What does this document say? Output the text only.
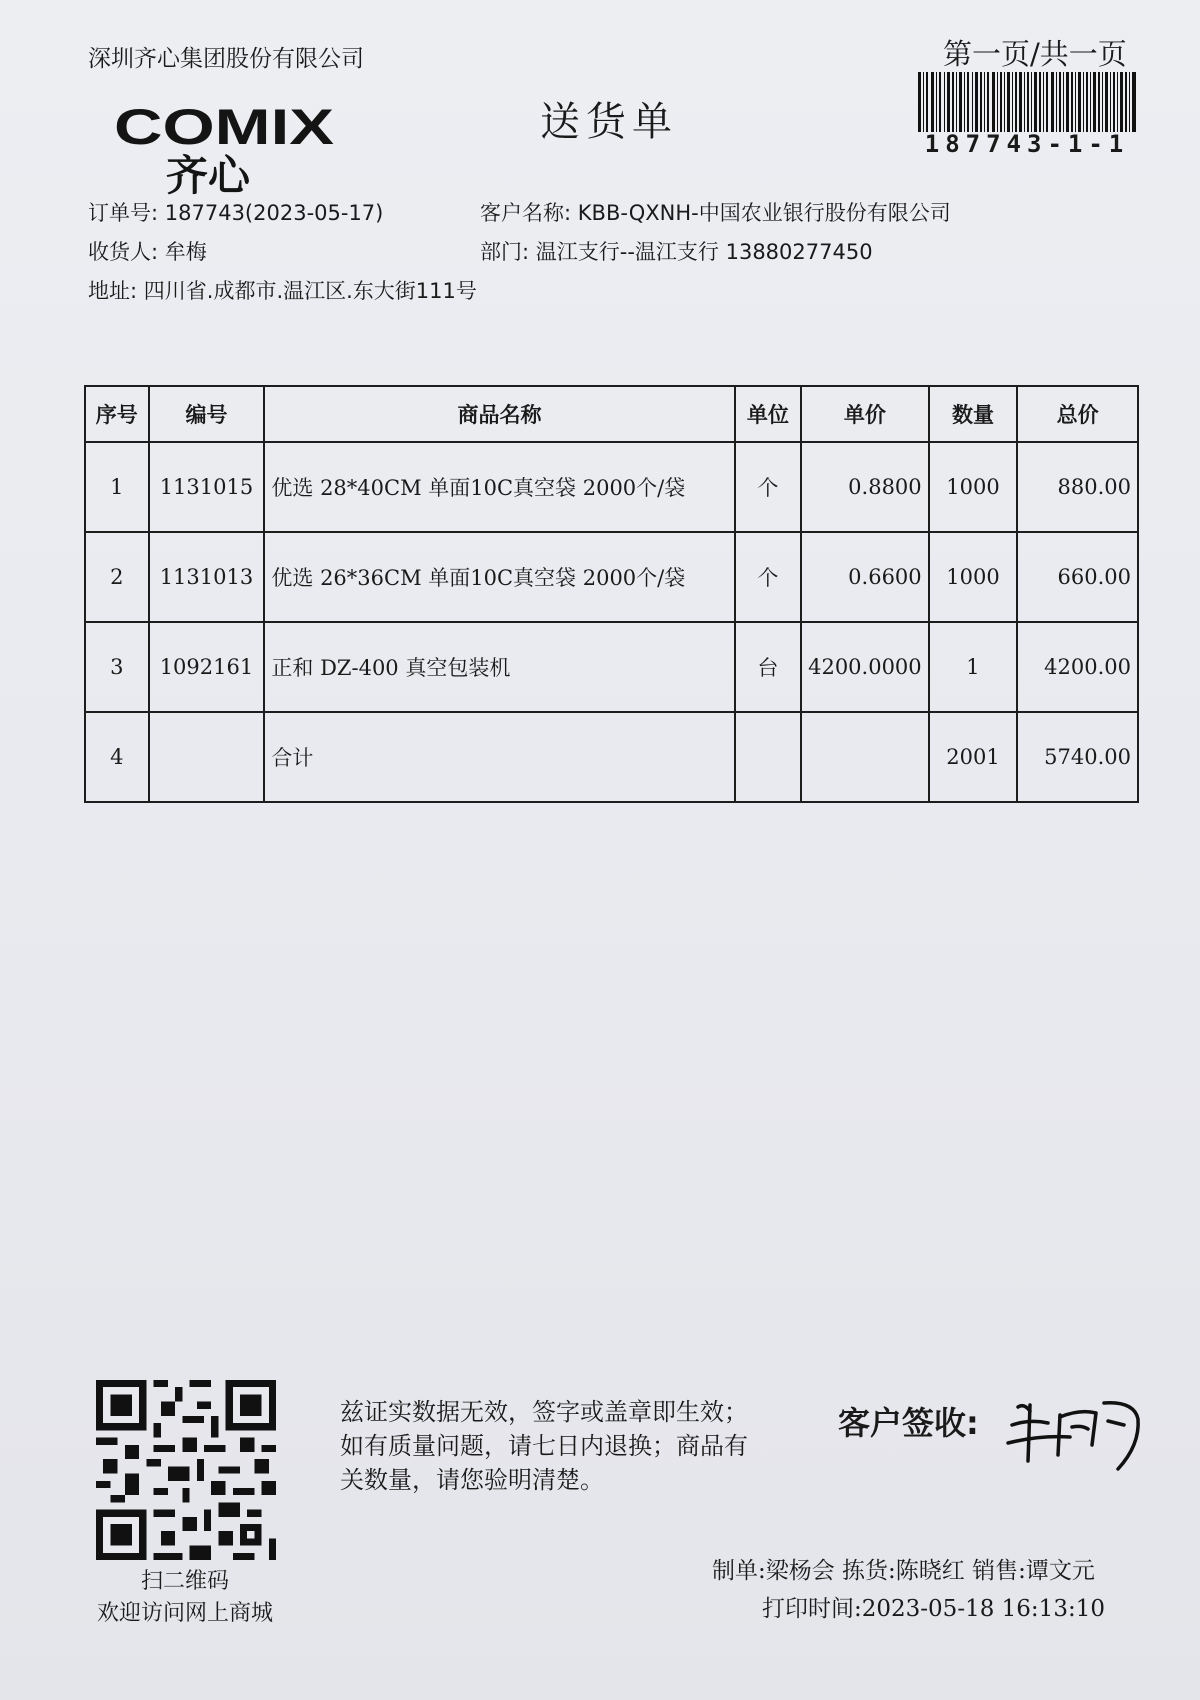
深圳齐心集团股份有限公司	第一页/共一页
187743-1-1
COMIX
齐心
送货单
订单号: 187743(2023-05-17)	客户名称: KBB-QXNH-中国农业银行股份有限公司
收货人: 牟梅	部门: 温江支行--温江支行 13880277450
地址: 四川省.成都市.温江区.东大街111号
序号	编号	商品名称	单位	单价	数量	总价
1	1131015	优选 28*40CM 单面10C真空袋 2000个/袋	个	0.8800	1000	880.00
2	1131013	优选 26*36CM 单面10C真空袋 2000个/袋	个	0.6600	1000	660.00
3	1092161	正和 DZ-400 真空包装机	台	4200.0000	1	4200.00
4		合计			2001	5740.00
扫二维码
欢迎访问网上商城
兹证实数据无效，签字或盖章即生效；如有质量问题，请七日内退换；商品有关数量，请您验明清楚。
客户签收:
制单:梁杨会 拣货:陈晓红 销售:谭文元
打印时间:2023-05-18 16:13:10
